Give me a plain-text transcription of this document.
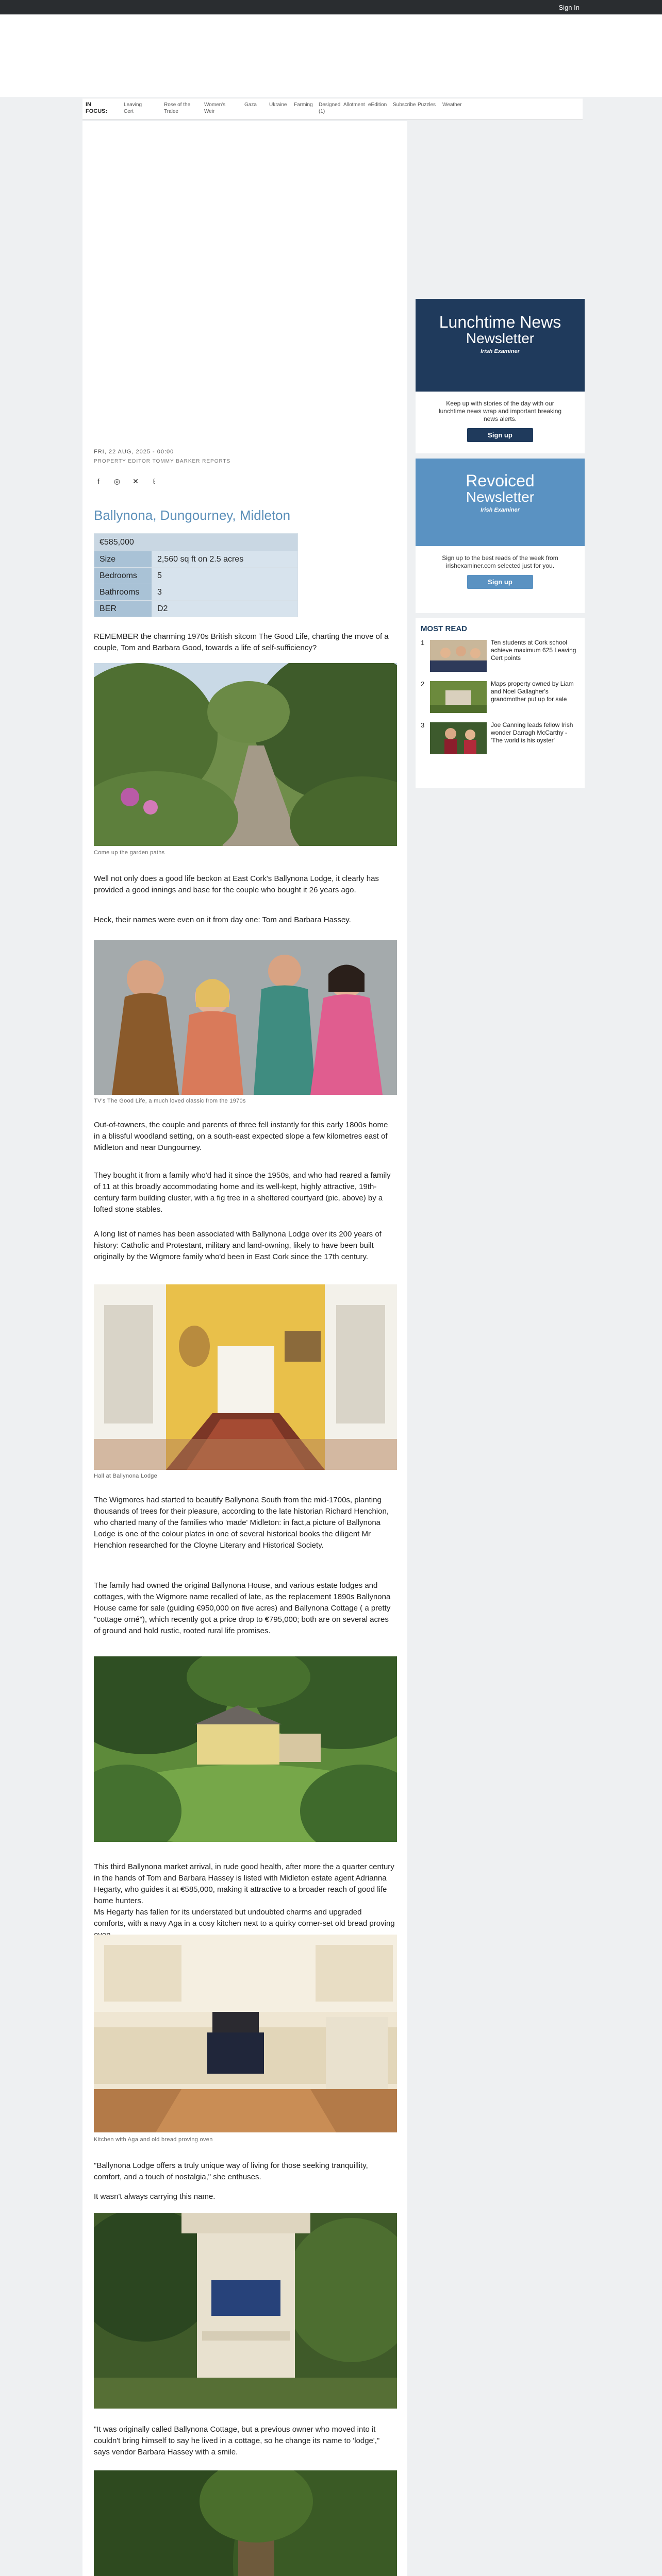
Sign In
IN
FOCUS:
Leaving
Cert
Rose of the
Tralee
Women's
Weir
Gaza	Ukraine Farming Designed
(1)
Allotment eEdition Subscribe Puzzles Weather
FRI, 22 AUG, 2025 - 00:00
PROPERTY EDITOR TOMMY BARKER REPORTS
f	◎ ✕	ℓ
Ballynona, Dungourney, Midleton
€585,000	
Size	2,560 sq ft on 2.5 acres
Bedrooms	5
Bathrooms	3
BER	D2
REMEMBER the charming 1970s British sitcom The Good Life, charting the move of a couple, Tom and Barbara Good, towards a life of self-sufficiency?
Come up the garden paths
Well not only does a good life beckon at East Cork's Ballynona Lodge, it clearly has provided a good innings and base for the couple who bought it 26 years ago.
Heck, their names were even on it from day one: Tom and Barbara Hassey.
TV's The Good Life, a much loved classic from the 1970s
Out-of-towners, the couple and parents of three fell instantly for this early 1800s home in a blissful woodland setting, on a south-east expected slope a few kilometres east of Midleton and near Dungourney.
They bought it from a family who'd had it since the 1950s, and who had reared a family of 11 at this broadly accommodating home and its well-kept, highly attractive, 19th-century farm building cluster, with a fig tree in a sheltered courtyard (pic, above) by a lofted stone stables.
A long list of names has been associated with Ballynona Lodge over its 200 years of history: Catholic and Protestant, military and land-owning, likely to have been built originally by the Wigmore family who'd been in East Cork since the 17th century.
Hall at Ballynona Lodge
The Wigmores had started to beautify Ballynona South from the mid-1700s, planting thousands of trees for their pleasure, according to the late historian Richard Henchion, who charted many of the families who 'made' Midleton: in fact,a picture of Ballynona Lodge is one of the colour plates in one of several historical books the diligent Mr Henchion researched for the Cloyne Literary and Historical Society.
The family had owned the original Ballynona House, and various estate lodges and cottages, with the Wigmore name recalled of late, as the replacement 1890s Ballynona House came for sale (guiding €950,000 on five acres) and Ballynona Cottage ( a pretty "cottage orné"), which recently got a price drop to €795,000; both are on several acres of ground and hold rustic, rooted rural life promises.
This third Ballynona market arrival, in rude good health, after more the a quarter century in the hands of Tom and Barbara Hassey is listed with Midleton estate agent Adrianna Hegarty, who guides it at €585,000, making it attractive to a broader reach of good life home hunters.
Ms Hegarty has fallen for its understated but undoubted charms and upgraded comforts, with a navy Aga in a cosy kitchen next to a quirky corner-set old bread proving
Kitchen with Aga and old bread proving oven
"Ballynona Lodge offers a truly unique way of living for those seeking tranquillity, comfort, and a touch of nostalgia," she enthuses.
It wasn't always carrying this name.
"It was originally called Ballynona Cottage, but a previous owner who moved into it couldn't bring himself to say he lived in a cottage, so he change its name to 'lodge'," says vendor Barbara Hassey with a smile.
Lunchtime News
Newsletter
Irish Examiner
Keep up with stories of the day with our lunchtime news wrap and important breaking news alerts.
Sign up
Revoiced
Newsletter
Irish Examiner
Sign up to the best reads of the week from irishexaminer.com selected just for you.
Sign up
MOST READ
1	Ten students at Cork school achieve maximum 625 Leaving Cert points
2	Maps property owned by Liam and Noel Gallagher's grandmother put up for sale
3	Joe Canning leads fellow Irish wonder Darragh McCarthy - 'The world is his oyster'
